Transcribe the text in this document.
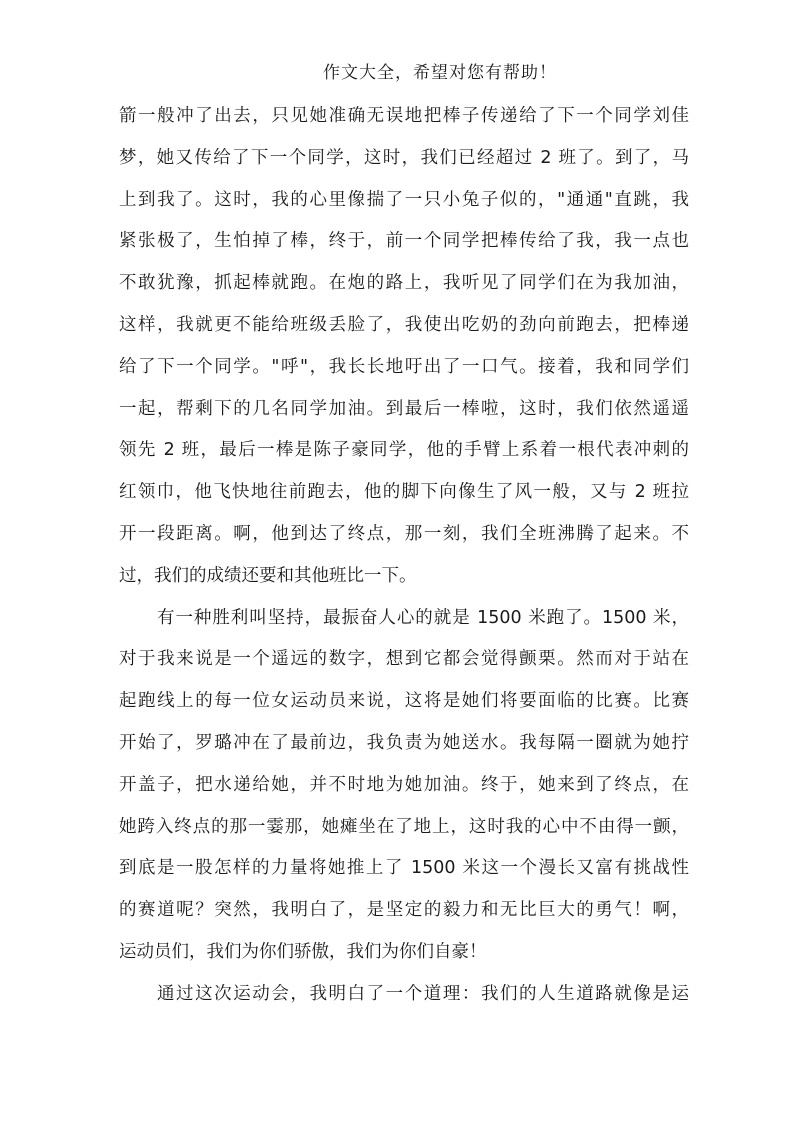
作文大全，希望对您有帮助！
箭一般冲了出去，只见她准确无误地把棒子传递给了下一个同学刘佳
梦，她又传给了下一个同学，这时，我们已经超过 2 班了。到了，马
上到我了。这时，我的心里像揣了一只小兔子似的，"通通"直跳，我
紧张极了，生怕掉了棒，终于，前一个同学把棒传给了我，我一点也
不敢犹豫，抓起棒就跑。在炮的路上，我听见了同学们在为我加油，
这样，我就更不能给班级丢脸了，我使出吃奶的劲向前跑去，把棒递
给了下一个同学。"呼"，我长长地吁出了一口气。接着，我和同学们
一起，帮剩下的几名同学加油。到最后一棒啦，这时，我们依然遥遥
领先 2 班，最后一棒是陈子豪同学，他的手臂上系着一根代表冲刺的
红领巾，他飞快地往前跑去，他的脚下向像生了风一般，又与 2 班拉
开一段距离。啊，他到达了终点，那一刻，我们全班沸腾了起来。不
过，我们的成绩还要和其他班比一下。
有一种胜利叫坚持，最振奋人心的就是 1500 米跑了。1500 米，
对于我来说是一个遥远的数字，想到它都会觉得颤栗。然而对于站在
起跑线上的每一位女运动员来说，这将是她们将要面临的比赛。比赛
开始了，罗璐冲在了最前边，我负责为她送水。我每隔一圈就为她拧
开盖子，把水递给她，并不时地为她加油。终于，她来到了终点，在
她跨入终点的那一霎那，她瘫坐在了地上，这时我的心中不由得一颤，
到底是一股怎样的力量将她推上了 1500 米这一个漫长又富有挑战性
的赛道呢？突然，我明白了，是坚定的毅力和无比巨大的勇气！啊，
运动员们，我们为你们骄傲，我们为你们自豪！
通过这次运动会，我明白了一个道理：我们的人生道路就像是运
